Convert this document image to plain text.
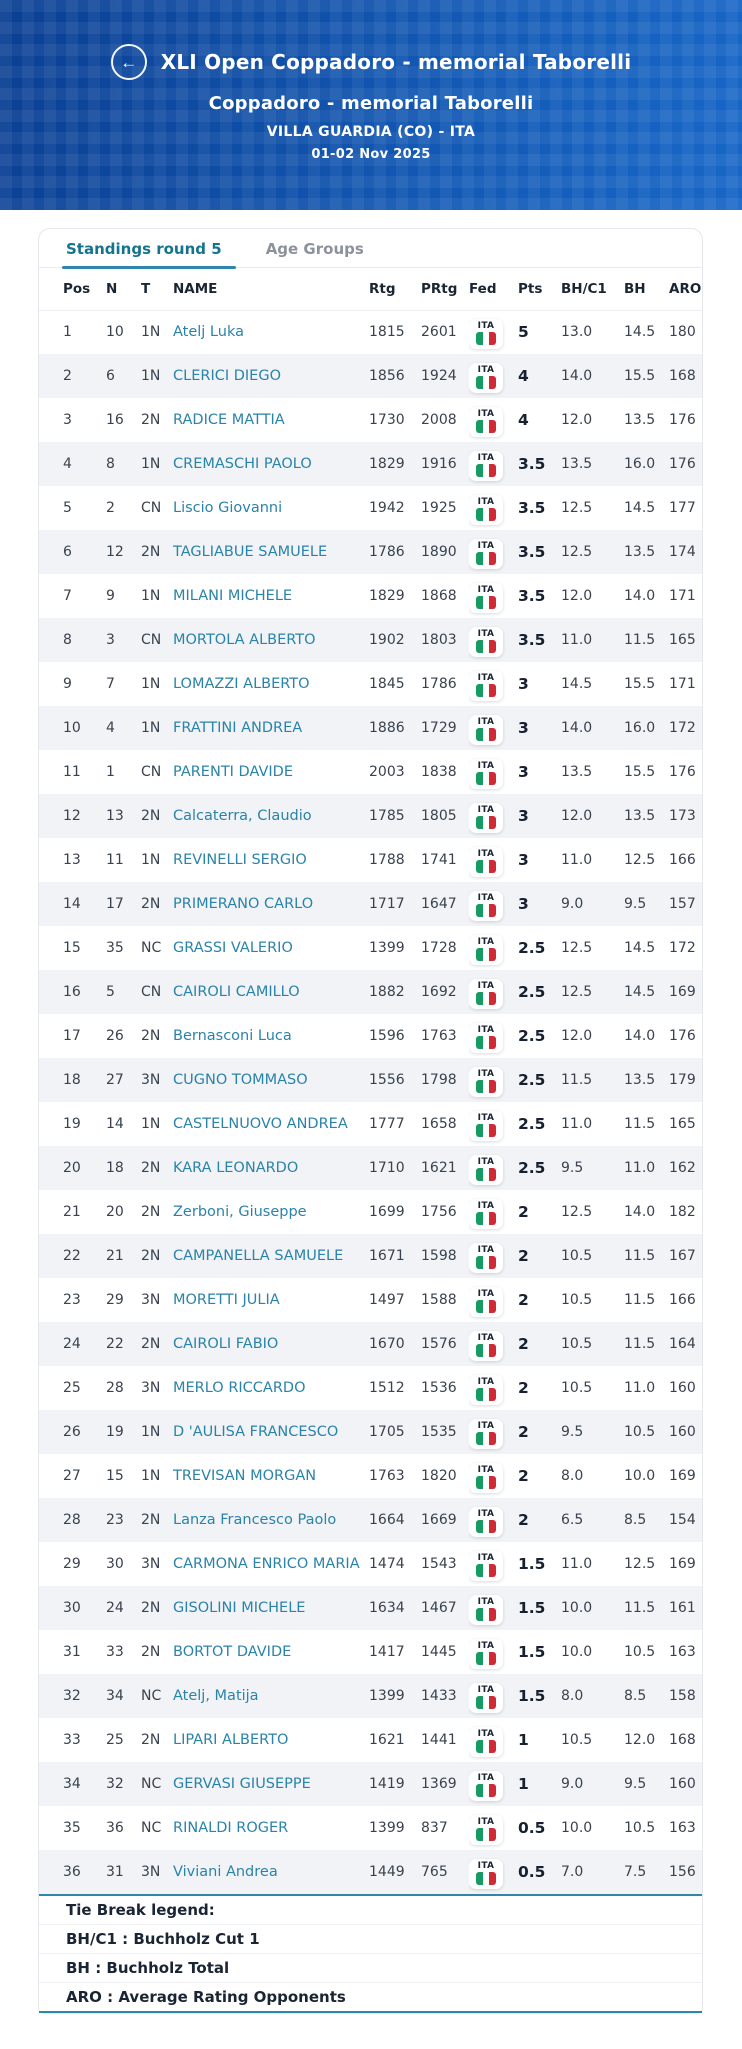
←	XLI Open Coppadoro - memorial Taborelli
Coppadoro - memorial Taborelli
VILLA GUARDIA (CO) - ITA
01-02 Nov 2025
Standings round 5	Age Groups
Pos	N	T	NAME	Rtg	PRtg	Fed	Pts	BH/C1	BH	ARO
1	10	1N	Atelj Luka	1815	2601	ITA	5	13.0	14.5	180
2	6	1N	CLERICI DIEGO	1856	1924	ITA	4	14.0	15.5	168
3	16	2N	RADICE MATTIA	1730	2008	ITA	4	12.0	13.5	176
4	8	1N	CREMASCHI PAOLO	1829	1916	ITA	3.5	13.5	16.0	176
5	2	CN	Liscio Giovanni	1942	1925	ITA	3.5	12.5	14.5	177
6	12	2N	TAGLIABUE SAMUELE	1786	1890	ITA	3.5	12.5	13.5	174
7	9	1N	MILANI MICHELE	1829	1868	ITA	3.5	12.0	14.0	171
8	3	CN	MORTOLA ALBERTO	1902	1803	ITA	3.5	11.0	11.5	165
9	7	1N	LOMAZZI ALBERTO	1845	1786	ITA	3	14.5	15.5	171
10	4	1N	FRATTINI ANDREA	1886	1729	ITA	3	14.0	16.0	172
11	1	CN	PARENTI DAVIDE	2003	1838	ITA	3	13.5	15.5	176
12	13	2N	Calcaterra, Claudio	1785	1805	ITA	3	12.0	13.5	173
13	11	1N	REVINELLI SERGIO	1788	1741	ITA	3	11.0	12.5	166
14	17	2N	PRIMERANO CARLO	1717	1647	ITA	3	9.0	9.5	157
15	35	NC	GRASSI VALERIO	1399	1728	ITA	2.5	12.5	14.5	172
16	5	CN	CAIROLI CAMILLO	1882	1692	ITA	2.5	12.5	14.5	169
17	26	2N	Bernasconi Luca	1596	1763	ITA	2.5	12.0	14.0	176
18	27	3N	CUGNO TOMMASO	1556	1798	ITA	2.5	11.5	13.5	179
19	14	1N	CASTELNUOVO ANDREA	1777	1658	ITA	2.5	11.0	11.5	165
20	18	2N	KARA LEONARDO	1710	1621	ITA	2.5	9.5	11.0	162
21	20	2N	Zerboni, Giuseppe	1699	1756	ITA	2	12.5	14.0	182
22	21	2N	CAMPANELLA SAMUELE	1671	1598	ITA	2	10.5	11.5	167
23	29	3N	MORETTI JULIA	1497	1588	ITA	2	10.5	11.5	166
24	22	2N	CAIROLI FABIO	1670	1576	ITA	2	10.5	11.5	164
25	28	3N	MERLO RICCARDO	1512	1536	ITA	2	10.5	11.0	160
26	19	1N	D 'AULISA FRANCESCO	1705	1535	ITA	2	9.5	10.5	160
27	15	1N	TREVISAN MORGAN	1763	1820	ITA	2	8.0	10.0	169
28	23	2N	Lanza Francesco Paolo	1664	1669	ITA	2	6.5	8.5	154
29	30	3N	CARMONA ENRICO MARIA	1474	1543	ITA	1.5	11.0	12.5	169
30	24	2N	GISOLINI MICHELE	1634	1467	ITA	1.5	10.0	11.5	161
31	33	2N	BORTOT DAVIDE	1417	1445	ITA	1.5	10.0	10.5	163
32	34	NC	Atelj, Matija	1399	1433	ITA	1.5	8.0	8.5	158
33	25	2N	LIPARI ALBERTO	1621	1441	ITA	1	10.5	12.0	168
34	32	NC	GERVASI GIUSEPPE	1419	1369	ITA	1	9.0	9.5	160
35	36	NC	RINALDI ROGER	1399	837	ITA	0.5	10.0	10.5	163
36	31	3N	Viviani Andrea	1449	765	ITA	0.5	7.0	7.5	156
Tie Break legend:
BH/C1 : Buchholz Cut 1
BH : Buchholz Total
ARO : Average Rating Opponents
